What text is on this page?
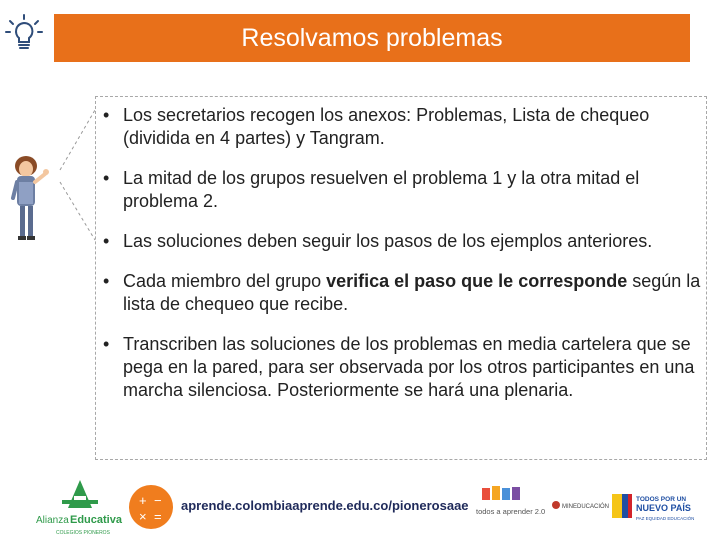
Resolvamos problemas
• Los secretarios recogen los anexos: Problemas, Lista de chequeo (dividida en 4 partes) y Tangram.
• La mitad de los grupos resuelven el problema 1 y la otra mitad el problema 2.
• Las soluciones deben seguir los pasos de los ejemplos anteriores.
• Cada miembro del grupo verifica el paso que le corresponde según la lista de chequeo que recibe.
• Transcriben las soluciones de los problemas en media cartelera que se pega en la pared, para ser observada por los otros participantes en una marcha silenciosa. Posteriormente se hará una plenaria.
Alianza Educativa
COLEGIOS PIONEROS
+ −
× =
aprende.colombiaaprende.edu.co/pionerosaae todos a aprender 2.0	MINEDUCACIÓN
TODOS POR UN
NUEVO PAÍS
PAZ EQUIDAD EDUCACIÓN
